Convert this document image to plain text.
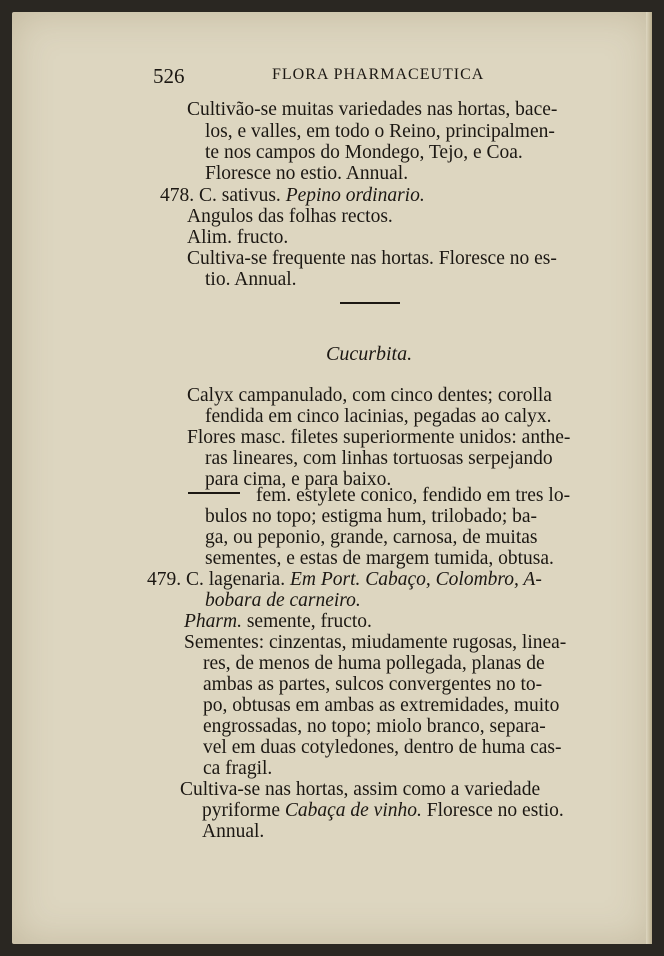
526	FLORA PHARMACEUTICA
Cultivão-se muitas variedades nas hortas, bace-
los, e valles, em todo o Reino, principalmen-
te nos campos do Mondego, Tejo, e Coa.
Floresce no estio. Annual.
478. C. sativus. Pepino ordinario.
Angulos das folhas rectos.
Alim. fructo.
Cultiva-se frequente nas hortas. Floresce no es-
tio. Annual.
Cucurbita.
Calyx campanulado, com cinco dentes; corolla
fendida em cinco lacinias, pegadas ao calyx.
Flores masc. filetes superiormente unidos: anthe-
ras lineares, com linhas tortuosas serpejando
para cima, e para baixo.
fem. estylete conico, fendido em tres lo-
bulos no topo; estigma hum, trilobado; ba-
ga, ou peponio, grande, carnosa, de muitas
sementes, e estas de margem tumida, obtusa.
479. C. lagenaria. Em Port. Cabaço, Colombro, A-
bobara de carneiro.
Pharm. semente, fructo.
Sementes: cinzentas, miudamente rugosas, linea-
res, de menos de huma pollegada, planas de
ambas as partes, sulcos convergentes no to-
po, obtusas em ambas as extremidades, muito
engrossadas, no topo; miolo branco, separa-
vel em duas cotyledones, dentro de huma cas-
ca fragil.
Cultiva-se nas hortas, assim como a variedade
pyriforme Cabaça de vinho. Floresce no estio.
Annual.
